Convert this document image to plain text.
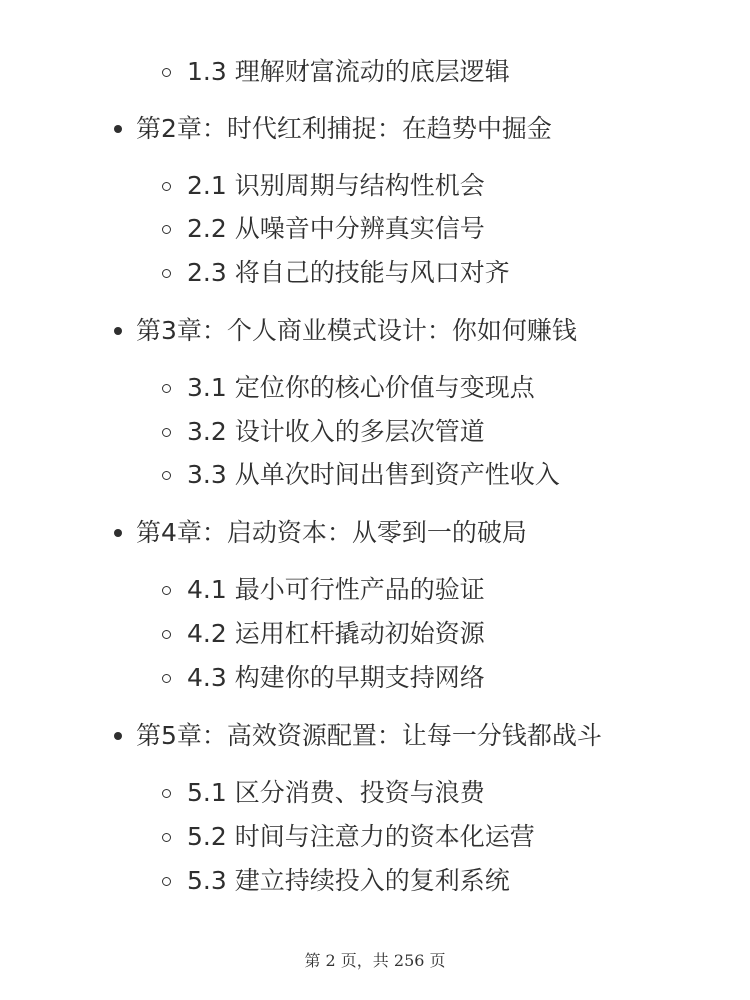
1.3 理解财富流动的底层逻辑
第2章：时代红利捕捉：在趋势中掘金
2.1 识别周期与结构性机会
2.2 从噪音中分辨真实信号
2.3 将自己的技能与风口对齐
第3章：个人商业模式设计：你如何赚钱
3.1 定位你的核心价值与变现点
3.2 设计收入的多层次管道
3.3 从单次时间出售到资产性收入
第4章：启动资本：从零到一的破局
4.1 最小可行性产品的验证
4.2 运用杠杆撬动初始资源
4.3 构建你的早期支持网络
第5章：高效资源配置：让每一分钱都战斗
5.1 区分消费、投资与浪费
5.2 时间与注意力的资本化运营
5.3 建立持续投入的复利系统
第 2 页，共 256 页
